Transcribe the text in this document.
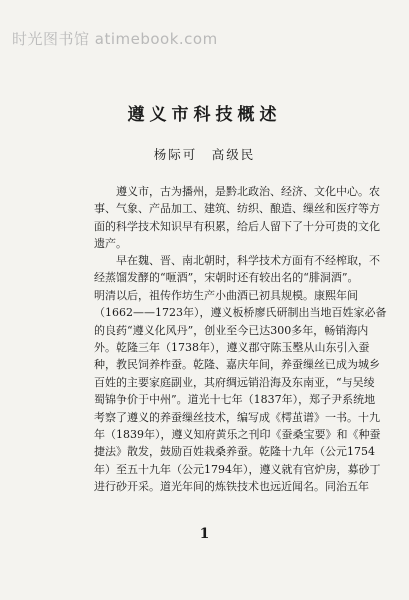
时光图书馆 atimebook.com
遵义市科技概述
杨际可　高级民
　　遵义市，古为播州，是黔北政治、经济、文化中心。农
事、气象、产品加工、建筑、纺织、酿造、缫丝和医疗等方
面的科学技术知识早有积累，给后人留下了十分可贵的文化
遗产。
　　早在魏、晋、南北朝时，科学技术方面有不经榨取，不
经蒸馏发酵的“咂酒”，宋朝时还有较出名的“腓洞酒”。
明清以后，祖传作坊生产小曲酒已初具规模。康熙年间
（1662——1723年），遵义板桥廖氏研制出当地百姓家必备
的良药“遵义化风丹”，创业至今已达300多年，畅销海内
外。乾隆三年（1738年），遵义郡守陈玉壂从山东引入蚕
种，教民饲养柞蚕。乾隆、嘉庆年间，养蚕缫丝已成为城乡
百姓的主要家庭副业，其府绸远销沿海及东南亚，“与吴绫
蜀锦争价于中州”。道光十七年（1837年），郑子尹系统地
考察了遵义的养蚕缫丝技术，编写成《樗茧谱》一书。十九
年（1839年），遵义知府黄乐之刊印《蚕桑宝要》和《种蚕
捷法》散发，鼓励百姓栽桑养蚕。乾隆十九年（公元1754
年）至五十九年（公元1794年），遵义就有官炉房，募砂丁
进行砂开采。道光年间的炼铁技术也远近闻名。同治五年
1
